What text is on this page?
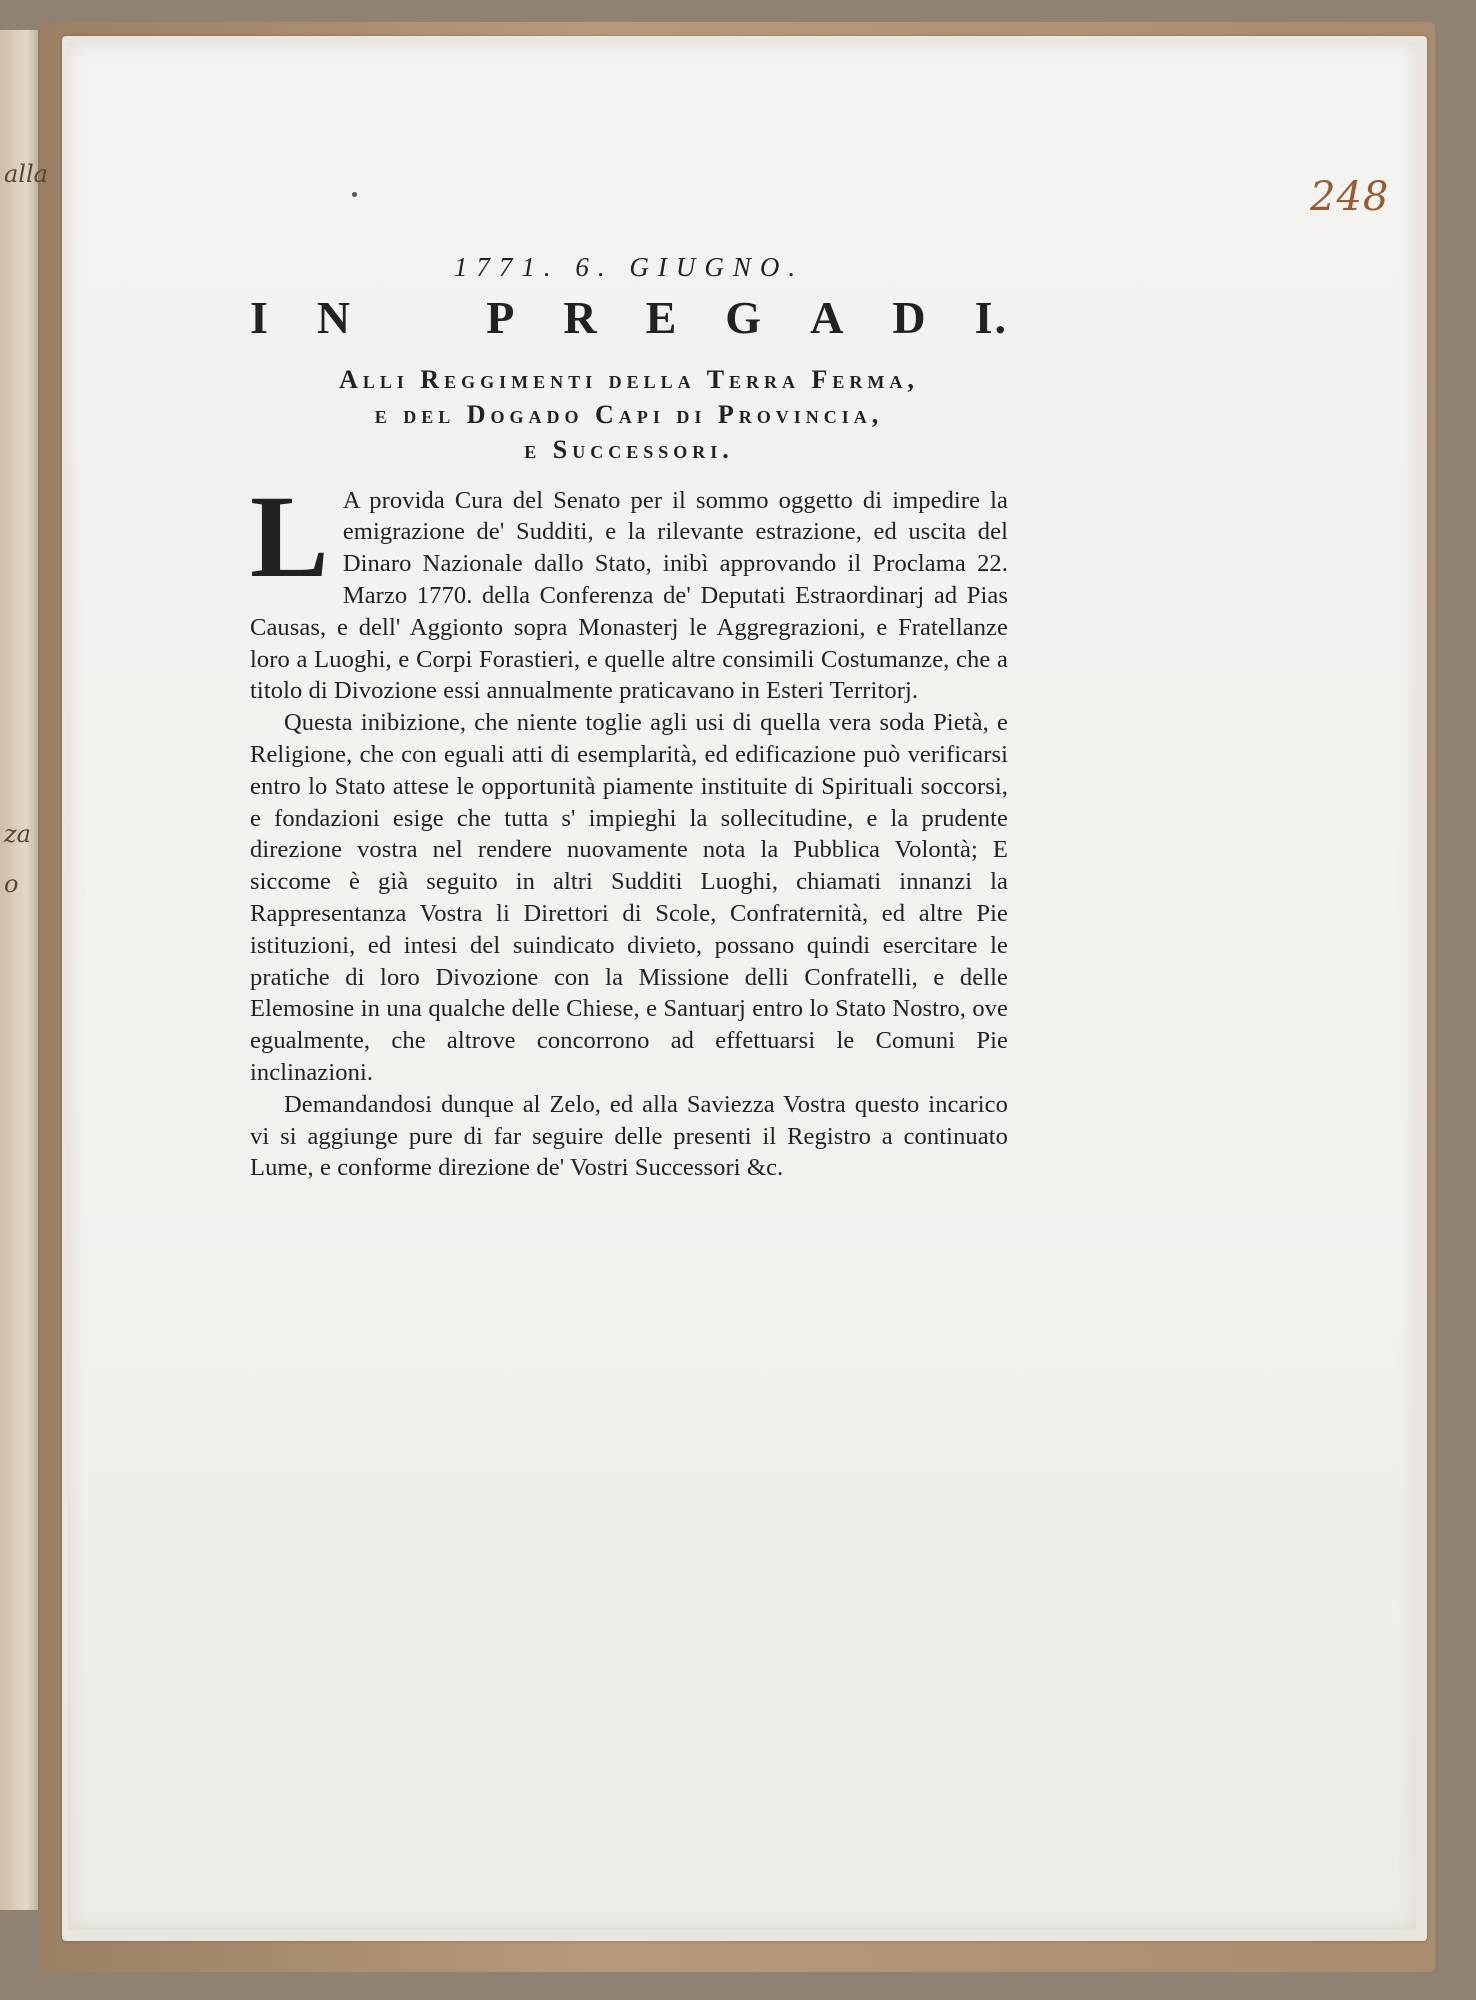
alla
za
o
248
1771. 6. GIUGNO.
I N	P R E G A D I.
Alli Reggimenti della Terra Ferma,
e del Dogado Capi di Provincia,
e Successori.

L A provida Cura del Senato per il sommo oggetto di impedire la emigrazione de' Sudditi, e la rilevante estrazione, ed uscita del Dinaro Nazionale dallo Stato, inibì approvando il Proclama 22. Marzo 1770. della Conferenza de' Deputati Estraordinarj ad Pias Causas, e dell' Aggionto sopra Monasterj le Aggregrazioni, e Fratellanze loro a Luoghi, e Corpi Forastieri, e quelle altre consimili Costumanze, che a titolo di Divozione essi annualmente praticavano in Esteri Territorj.

Questa inibizione, che niente toglie agli usi di quella vera soda Pietà, e Religione, che con eguali atti di esemplarità, ed edificazione può verificarsi entro lo Stato attese le opportunità piamente instituite di Spirituali soccorsi, e fondazioni esige che tutta s' impieghi la sollecitudine, e la prudente direzione vostra nel rendere nuovamente nota la Pubblica Volontà; E siccome è già seguito in altri Sudditi Luoghi, chiamati innanzi la Rappresentanza Vostra li Direttori di Scole, Confraternità, ed altre Pie istituzioni, ed intesi del suindicato divieto, possano quindi esercitare le pratiche di loro Divozione con la Missione delli Confratelli, e delle Elemosine in una qualche delle Chiese, e Santuarj entro lo Stato Nostro, ove egualmente, che altrove concorrono ad effettuarsi le Comuni Pie inclinazioni.

Demandandosi dunque al Zelo, ed alla Saviezza Vostra questo incarico vi si aggiunge pure di far seguire delle presenti il Registro a continuato Lume, e conforme direzione de' Vostri Successori &c.
